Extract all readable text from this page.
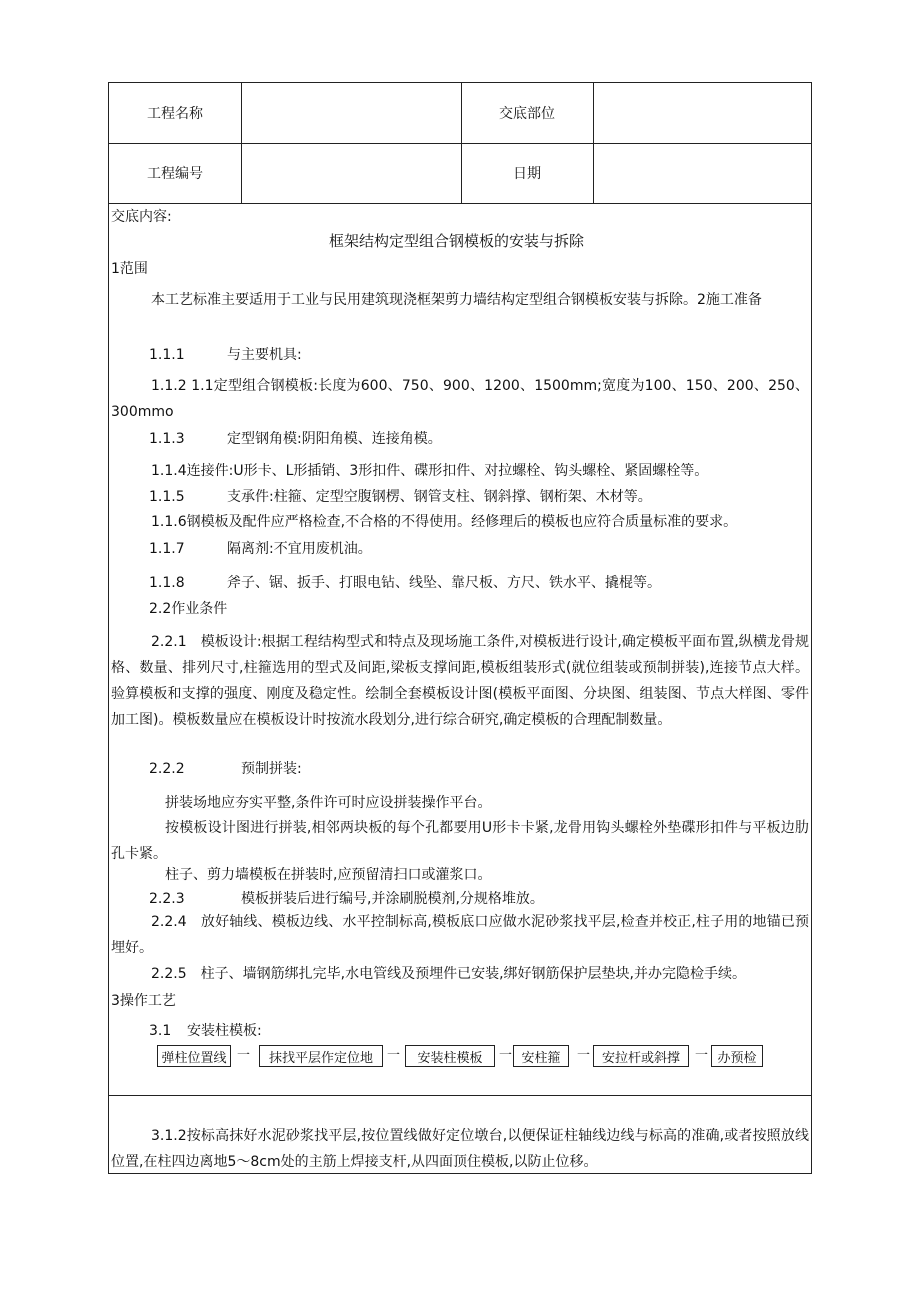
工程名称	交底部位
工程编号	日期
交底内容:
框架结构定型组合钢模板的安装与拆除
1范围
本工艺标准主要适用于工业与民用建筑现浇框架剪力墙结构定型组合钢模板安装与拆除。2施工准备
1.1.1	与主要机具:
1.1.2 1.1定型组合钢模板:长度为600、750、900、1200、1500mm;宽度为100、150、200、250、300mmo
1.1.3	定型钢角模:阴阳角模、连接角模。
1.1.4连接件:U形卡、L形插销、3形扣件、碟形扣件、对拉螺栓、钩头螺栓、紧固螺栓等。
1.1.5	支承件:柱箍、定型空腹钢楞、钢管支柱、钢斜撑、钢桁架、木材等。
1.1.6钢模板及配件应严格检查,不合格的不得使用。经修理后的模板也应符合质量标准的要求。
1.1.7	隔离剂:不宜用废机油。
1.1.8	斧子、锯、扳手、打眼电钻、线坠、靠尺板、方尺、铁水平、撬棍等。
2.2作业条件
2.2.1　模板设计:根据工程结构型式和特点及现场施工条件,对模板进行设计,确定模板平面布置,纵横龙骨规格、数量、排列尺寸,柱箍选用的型式及间距,梁板支撑间距,模板组装形式(就位组装或预制拼装),连接节点大样。验算模板和支撑的强度、刚度及稳定性。绘制全套模板设计图(模板平面图、分块图、组装图、节点大样图、零件加工图)。模板数量应在模板设计时按流水段划分,进行综合研究,确定模板的合理配制数量。
2.2.2	预制拼装:
拼装场地应夯实平整,条件许可时应设拼装操作平台。
按模板设计图进行拼装,相邻两块板的每个孔都要用U形卡卡紧,龙骨用钩头螺栓外垫碟形扣件与平板边肋孔卡紧。
柱子、剪力墙模板在拼装时,应预留清扫口或灌浆口。
2.2.3	模板拼装后进行编号,并涂刷脱模剂,分规格堆放。
2.2.4　放好轴线、模板边线、水平控制标高,模板底口应做水泥砂浆找平层,检查并校正,柱子用的地锚已预埋好。
2.2.5　柱子、墙钢筋绑扎完毕,水电管线及预埋件已安装,绑好钢筋保护层垫块,并办完隐检手续。
3操作工艺
3.1 安装柱模板:
弹柱位置线 一	抹找平层作定位地	一	安装柱模板	一 安柱箍	一 安拉杆或斜撑	一 办预检
3.1.2按标高抹好水泥砂浆找平层,按位置线做好定位墩台,以便保证柱轴线边线与标高的准确,或者按照放线位置,在柱四边离地5～8cm处的主筋上焊接支杆,从四面顶住模板,以防止位移。
